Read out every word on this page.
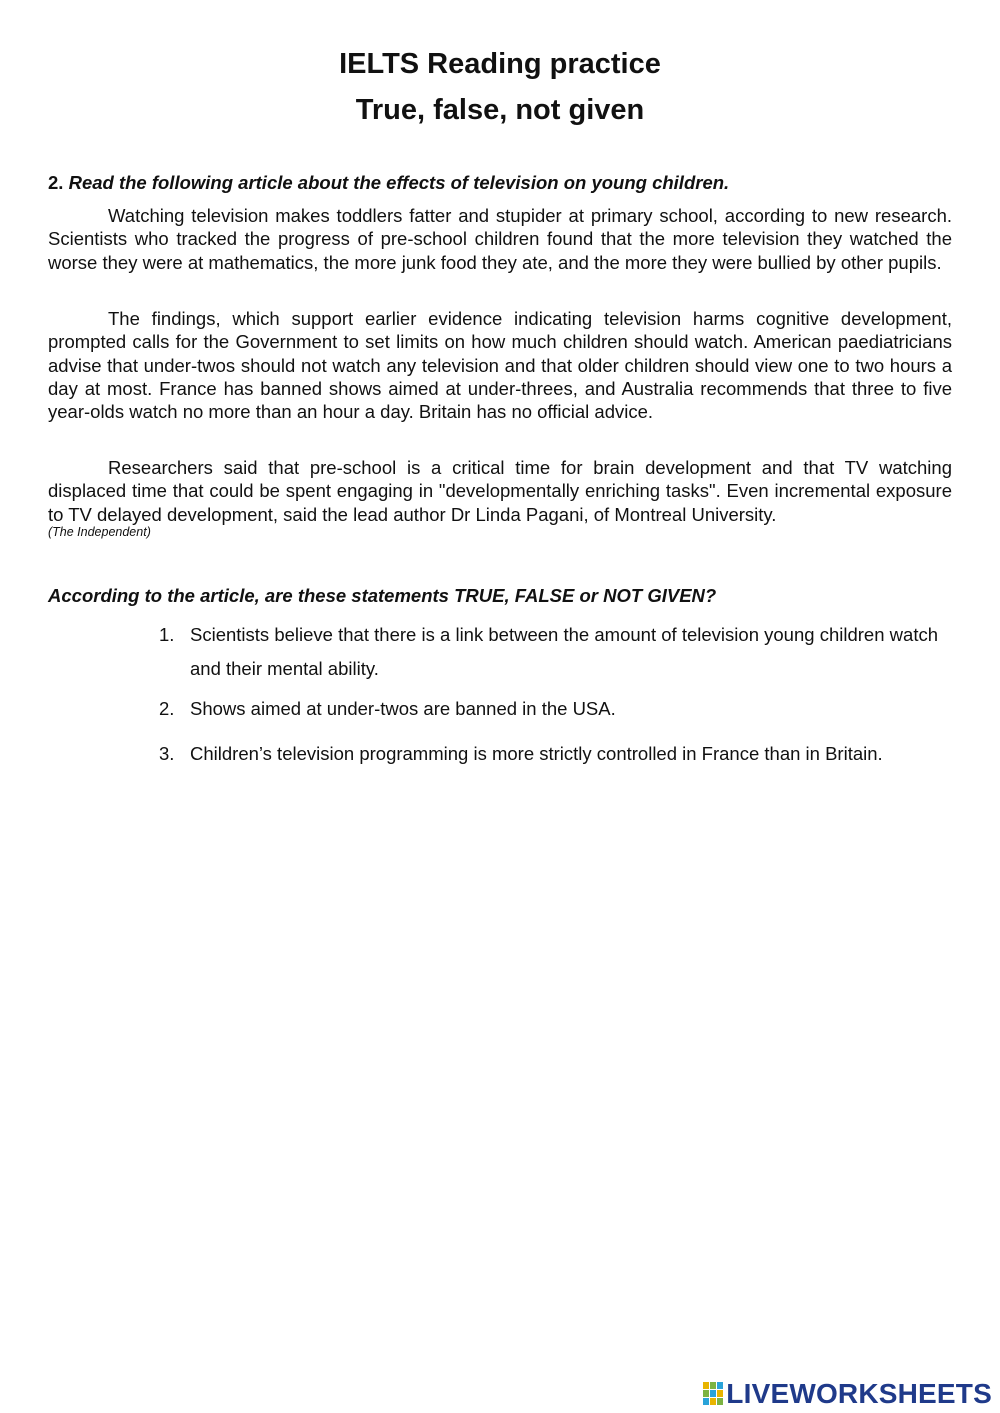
IELTS Reading practice
True, false, not given

2. Read the following article about the effects of television on young children.

Watching television makes toddlers fatter and stupider at primary school, according to new research. Scientists who tracked the progress of pre-school children found that the more television they watched the worse they were at mathematics, the more junk food they ate, and the more they were bullied by other pupils.

The findings, which support earlier evidence indicating television harms cognitive development, prompted calls for the Government to set limits on how much children should watch. American paediatricians advise that under-twos should not watch any television and that older children should view one to two hours a day at most. France has banned shows aimed at under-threes, and Australia recommends that three to five year-olds watch no more than an hour a day. Britain has no official advice.

Researchers said that pre-school is a critical time for brain development and that TV watching displaced time that could be spent engaging in "developmentally enriching tasks". Even incremental exposure to TV delayed development, said the lead author Dr Linda Pagani, of Montreal University.

(The Independent)

According to the article, are these statements TRUE, FALSE or NOT GIVEN?

1. Scientists believe that there is a link between the amount of television young children watch and their mental ability.
2. Shows aimed at under-twos are banned in the USA.
3. Children’s television programming is more strictly controlled in France than in Britain.
LIVEWORKSHEETS
